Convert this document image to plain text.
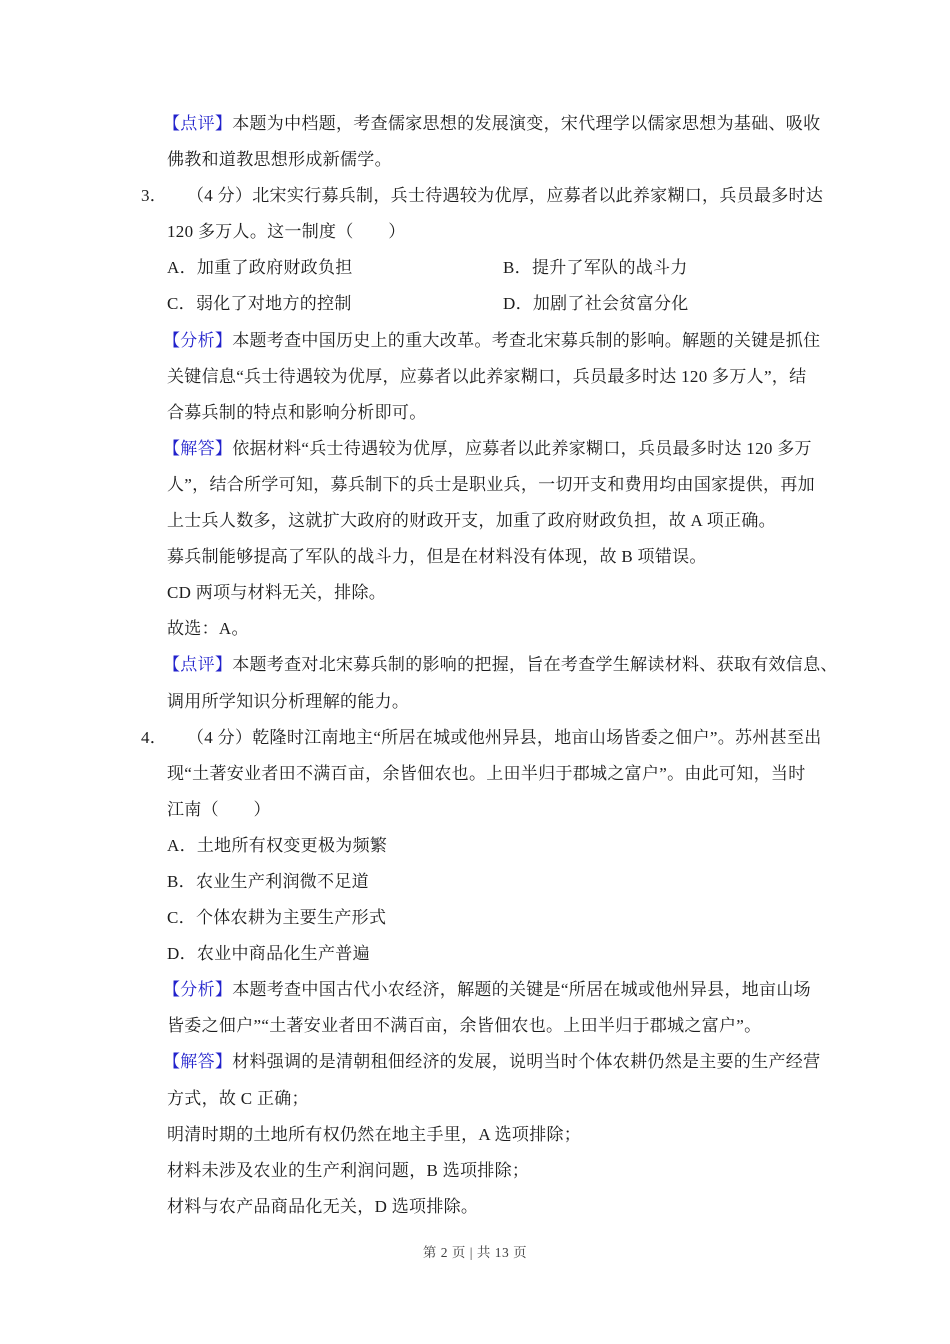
【点评】本题为中档题，考查儒家思想的发展演变，宋代理学以儒家思想为基础、吸收
佛教和道教思想形成新儒学。
3． （4 分）北宋实行募兵制，兵士待遇较为优厚，应募者以此养家糊口，兵员最多时达
120 多万人。这一制度（　　）
A．加重了政府财政负担	B．提升了军队的战斗力
C．弱化了对地方的控制	D．加剧了社会贫富分化
【分析】本题考查中国历史上的重大改革。考查北宋募兵制的影响。解题的关键是抓住
关键信息“兵士待遇较为优厚，应募者以此养家糊口，兵员最多时达 120 多万人”，结
合募兵制的特点和影响分析即可。
【解答】依据材料“兵士待遇较为优厚，应募者以此养家糊口，兵员最多时达 120 多万
人”，结合所学可知，募兵制下的兵士是职业兵，一切开支和费用均由国家提供，再加
上士兵人数多，这就扩大政府的财政开支，加重了政府财政负担，故 A 项正确。
募兵制能够提高了军队的战斗力，但是在材料没有体现，故 B 项错误。
CD 两项与材料无关，排除。
故选：A。
【点评】本题考查对北宋募兵制的影响的把握，旨在考查学生解读材料、获取有效信息、
调用所学知识分析理解的能力。
4． （4 分）乾隆时江南地主“所居在城或他州异县，地亩山场皆委之佃户”。苏州甚至出
现“土著安业者田不满百亩，余皆佃农也。上田半归于郡城之富户”。由此可知，当时
江南（　　）
A．土地所有权变更极为频繁
B．农业生产利润微不足道
C．个体农耕为主要生产形式
D．农业中商品化生产普遍
【分析】本题考查中国古代小农经济，解题的关键是“所居在城或他州异县，地亩山场
皆委之佃户”“土著安业者田不满百亩，余皆佃农也。上田半归于郡城之富户”。
【解答】材料强调的是清朝租佃经济的发展，说明当时个体农耕仍然是主要的生产经营
方式，故 C 正确；
明清时期的土地所有权仍然在地主手里，A 选项排除；
材料未涉及农业的生产利润问题，B 选项排除；
材料与农产品商品化无关，D 选项排除。
第 2 页 | 共 13 页
